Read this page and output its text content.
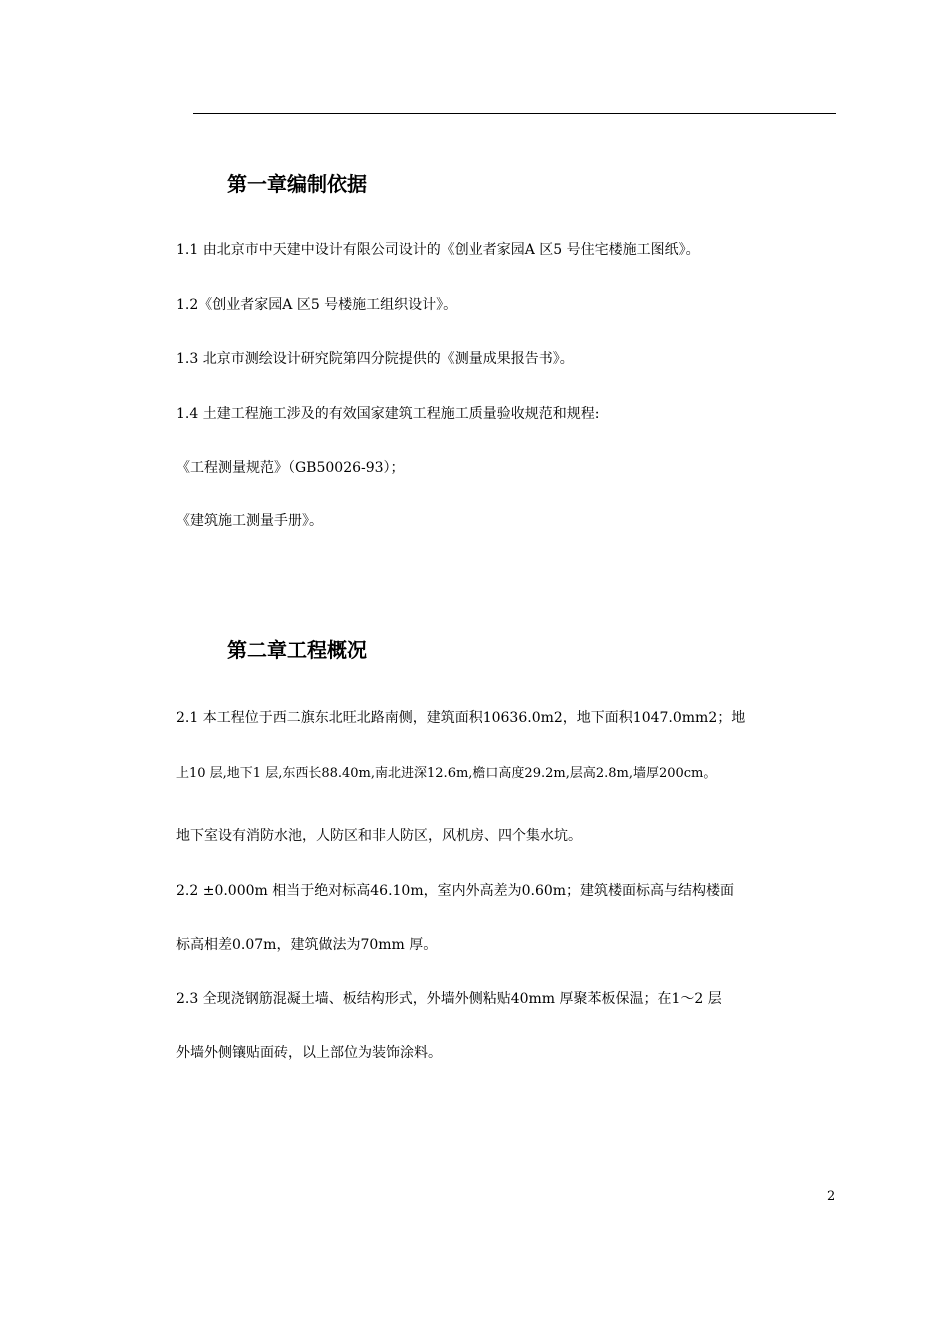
第一章编制依据

1.1 由北京市中天建中设计有限公司设计的《创业者家园A 区5 号住宅楼施工图纸》。

1.2《创业者家园A 区5 号楼施工组织设计》。

1.3 北京市测绘设计研究院第四分院提供的《测量成果报告书》。

1.4 土建工程施工涉及的有效国家建筑工程施工质量验收规范和规程:

《工程测量规范》（GB50026-93）；

《建筑施工测量手册》。

第二章工程概况

2.1 本工程位于西二旗东北旺北路南侧，建筑面积10636.0m2，地下面积1047.0mm2；地

上10 层,地下1 层,东西长88.40m,南北进深12.6m,檐口高度29.2m,层高2.8m,墙厚200cm。

地下室设有消防水池，人防区和非人防区，风机房、四个集水坑。

2.2 ±0.000m 相当于绝对标高46.10m，室内外高差为0.60m；建筑楼面标高与结构楼面

标高相差0.07m，建筑做法为70mm 厚。

2.3 全现浇钢筋混凝土墙、板结构形式，外墙外侧粘贴40mm 厚聚苯板保温；在1～2 层

外墙外侧镶贴面砖，以上部位为装饰涂料。

2
